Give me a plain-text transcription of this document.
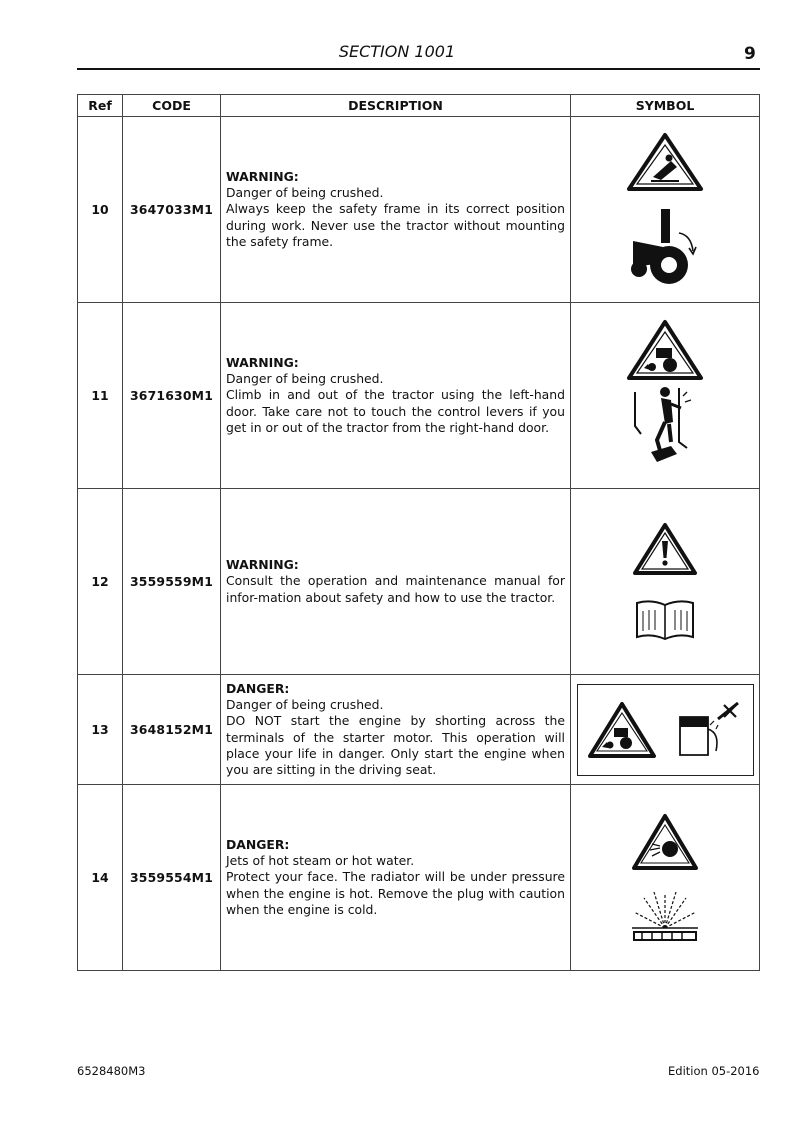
SECTION 1001	9
Ref	CODE	DESCRIPTION	SYMBOL
10	3647033M1	WARNING:

Danger of being crushed.

Always keep the safety frame in its correct position during work. Never use the tractor without mounting the safety frame.

11	3671630M1	WARNING:

Danger of being crushed.

Climb in and out of the tractor using the left-hand door. Take care not to touch the control levers if you get in or out of the tractor from the right-hand door.

12	3559559M1	WARNING:

Consult the operation and maintenance manual for infor-mation about safety and how to use the tractor.

13	3648152M1	DANGER:

Danger of being crushed.

DO NOT start the engine by shorting across the terminals of the starter motor. This operation will place your life in danger. Only start the engine when you are sitting in the driving seat.

14	3559554M1	DANGER:

Jets of hot steam or hot water.

Protect your face. The radiator will be under pressure when the engine is hot. Remove the plug with caution when the engine is cold.

6528480M3	Edition 05-2016
